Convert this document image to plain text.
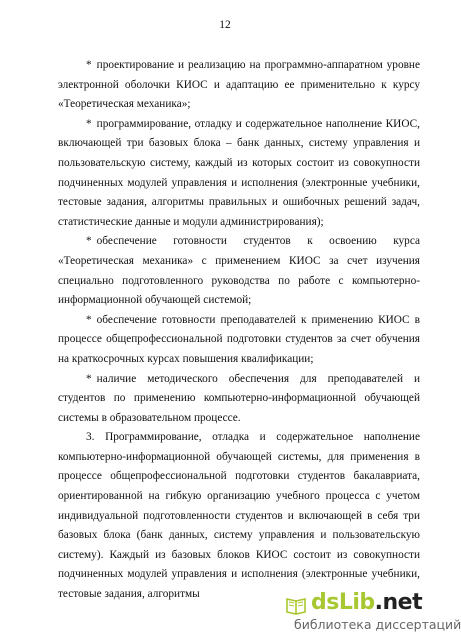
12

* проектирование и реализацию на программно-аппаратном уровне электронной оболочки КИОС и адаптацию ее применительно к курсу «Теоретическая механика»;

* программирование, отладку и содержательное наполнение КИОС, включающей три базовых блока – банк данных, систему управления и пользовательскую систему, каждый из которых состоит из совокупности подчиненных модулей управления и исполнения (электронные учебники, тестовые задания, алгоритмы правильных и ошибочных решений задач, статистические данные и модули администрирования);

* обеспечение готовности студентов к освоению курса «Теоретическая механика» с применением КИОС за счет изучения специально подготовленного руководства по работе с компьютерно-информационной обучающей системой;

* обеспечение готовности преподавателей к применению КИОС в процессе общепрофессиональной подготовки студентов за счет обучения на краткосрочных курсах повышения квалификации;

* наличие методического обеспечения для преподавателей и студентов по применению компьютерно-информационной обучающей системы в образовательном процессе.

3. Программирование, отладка и содержательное наполнение компьютерно-информационной обучающей системы, для применения в процессе общепрофессиональной подготовки студентов бакалавриата, ориентированной на гибкую организацию учебного процесса с учетом индивидуальной подготовленности студентов и включающей в себя три базовых блока (банк данных, систему управления и пользовательскую систему). Каждый из базовых блоков КИОС состоит из совокупности подчиненных модулей управления и исполнения (электронные учебники, тестовые задания, алгоритмы	dsLib.net
библиотека диссертаций
